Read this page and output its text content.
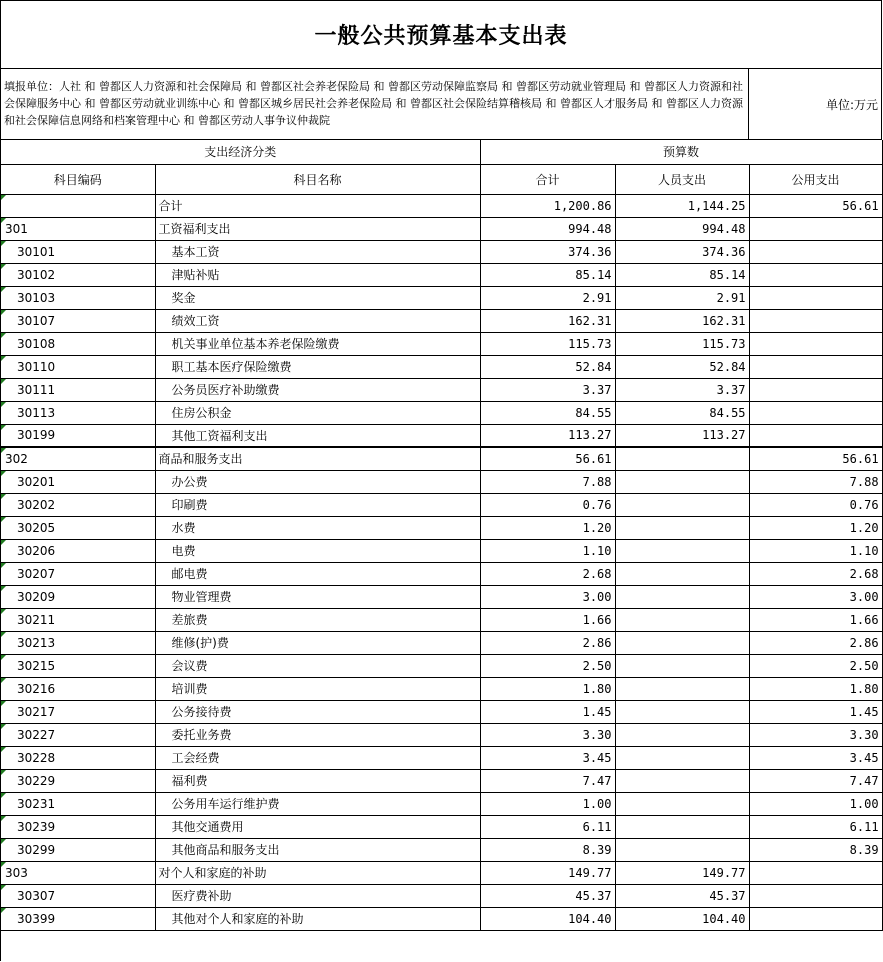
一般公共预算基本支出表
填报单位：人社 和 曾都区人力资源和社会保障局 和 曾都区社会养老保险局 和 曾都区劳动保障监察局 和 曾都区劳动就业管理局 和 曾都区人力资源和社会保障服务中心 和 曾都区劳动就业训练中心 和 曾都区城乡居民社会养老保险局 和 曾都区社会保险结算稽核局 和 曾都区人才服务局 和 曾都区人力资源和社会保障信息网络和档案管理中心 和 曾都区劳动人事争议仲裁院
单位:万元
支出经济分类		预算数		
科目编码	科目名称	合计	人员支出	公用支出
	合计	1,200.86	1,144.25	56.61
301	工资福利支出	994.48	994.48	
30101	基本工资	374.36	374.36	
30102	津贴补贴	85.14	85.14	
30103	奖金	2.91	2.91	
30107	绩效工资	162.31	162.31	
30108	机关事业单位基本养老保险缴费	115.73	115.73	
30110	职工基本医疗保险缴费	52.84	52.84	
30111	公务员医疗补助缴费	3.37	3.37	
30113	住房公积金	84.55	84.55	
30199	其他工资福利支出	113.27	113.27	
302	商品和服务支出	56.61		56.61
30201	办公费	7.88		7.88
30202	印刷费	0.76		0.76
30205	水费	1.20		1.20
30206	电费	1.10		1.10
30207	邮电费	2.68		2.68
30209	物业管理费	3.00		3.00
30211	差旅费	1.66		1.66
30213	维修(护)费	2.86		2.86
30215	会议费	2.50		2.50
30216	培训费	1.80		1.80
30217	公务接待费	1.45		1.45
30227	委托业务费	3.30		3.30
30228	工会经费	3.45		3.45
30229	福利费	7.47		7.47
30231	公务用车运行维护费	1.00		1.00
30239	其他交通费用	6.11		6.11
30299	其他商品和服务支出	8.39		8.39
303	对个人和家庭的补助	149.77	149.77	
30307	医疗费补助	45.37	45.37	
30399	其他对个人和家庭的补助	104.40	104.40	
